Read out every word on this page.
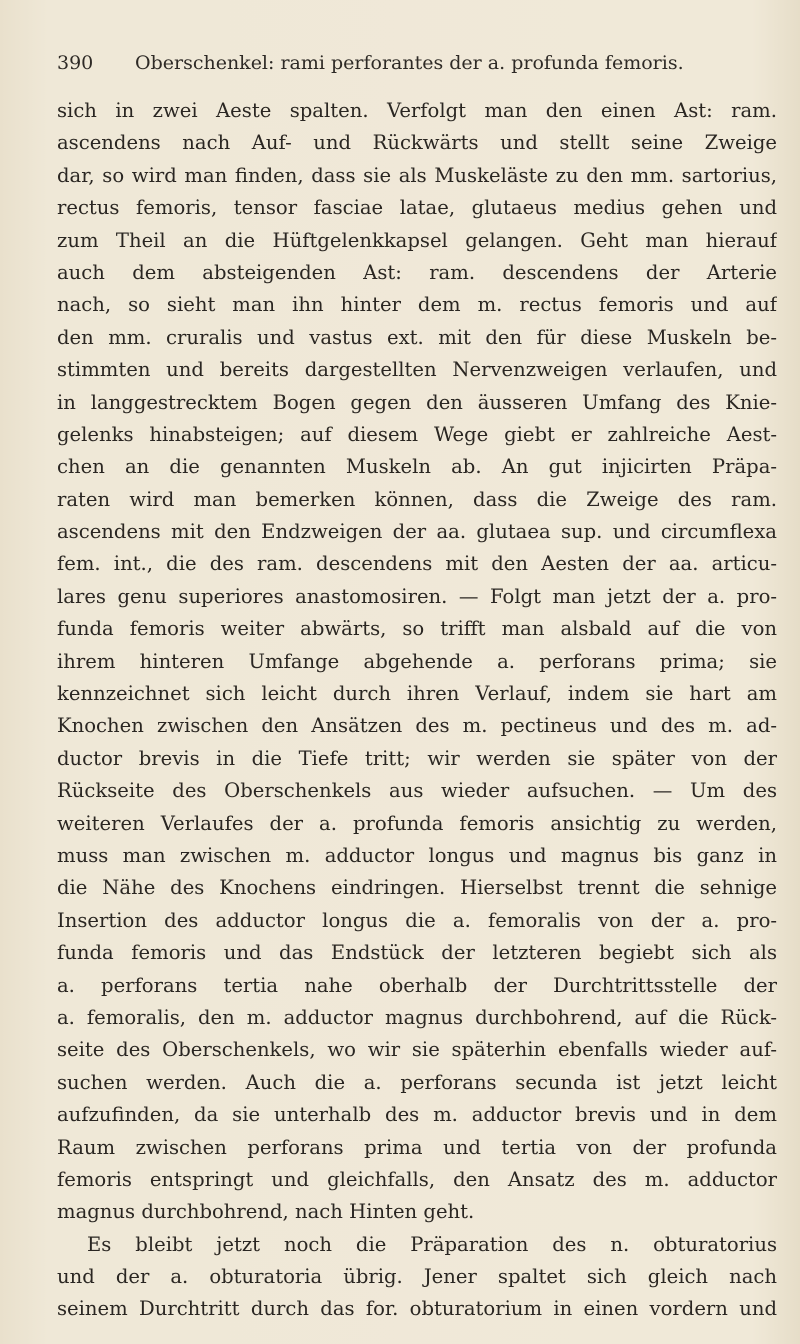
390 Oberschenkel: rami perforantes der a. profunda femoris.
sich in zwei Aeste spalten. Verfolgt man den einen Ast: ram.
ascendens nach Auf- und Rückwärts und stellt seine Zweige
dar, so wird man finden, dass sie als Muskeläste zu den mm. sartorius,
rectus femoris, tensor fasciae latae, glutaeus medius gehen und
zum Theil an die Hüftgelenkkapsel gelangen. Geht man hierauf
auch dem absteigenden Ast: ram. descendens der Arterie
nach, so sieht man ihn hinter dem m. rectus femoris und auf
den mm. cruralis und vastus ext. mit den für diese Muskeln be-
stimmten und bereits dargestellten Nervenzweigen verlaufen, und
in langgestrecktem Bogen gegen den äusseren Umfang des Knie-
gelenks hinabsteigen; auf diesem Wege giebt er zahlreiche Aest-
chen an die genannten Muskeln ab. An gut injicirten Präpa-
raten wird man bemerken können, dass die Zweige des ram.
ascendens mit den Endzweigen der aa. glutaea sup. und circumflexa
fem. int., die des ram. descendens mit den Aesten der aa. articu-
lares genu superiores anastomosiren. — Folgt man jetzt der a. pro-
funda femoris weiter abwärts, so trifft man alsbald auf die von
ihrem hinteren Umfange abgehende a. perforans prima; sie
kennzeichnet sich leicht durch ihren Verlauf, indem sie hart am
Knochen zwischen den Ansätzen des m. pectineus und des m. ad-
ductor brevis in die Tiefe tritt; wir werden sie später von der
Rückseite des Oberschenkels aus wieder aufsuchen. — Um des
weiteren Verlaufes der a. profunda femoris ansichtig zu werden,
muss man zwischen m. adductor longus und magnus bis ganz in
die Nähe des Knochens eindringen. Hierselbst trennt die sehnige
Insertion des adductor longus die a. femoralis von der a. pro-
funda femoris und das Endstück der letzteren begiebt sich als
a. perforans tertia nahe oberhalb der Durchtrittsstelle der
a. femoralis, den m. adductor magnus durchbohrend, auf die Rück-
seite des Oberschenkels, wo wir sie späterhin ebenfalls wieder auf-
suchen werden. Auch die a. perforans secunda ist jetzt leicht
aufzufinden, da sie unterhalb des m. adductor brevis und in dem
Raum zwischen perforans prima und tertia von der profunda
femoris entspringt und gleichfalls, den Ansatz des m. adductor
magnus durchbohrend, nach Hinten geht.
Es bleibt jetzt noch die Präparation des n. obturatorius
und der a. obturatoria übrig. Jener spaltet sich gleich nach
seinem Durchtritt durch das for. obturatorium in einen vordern und
